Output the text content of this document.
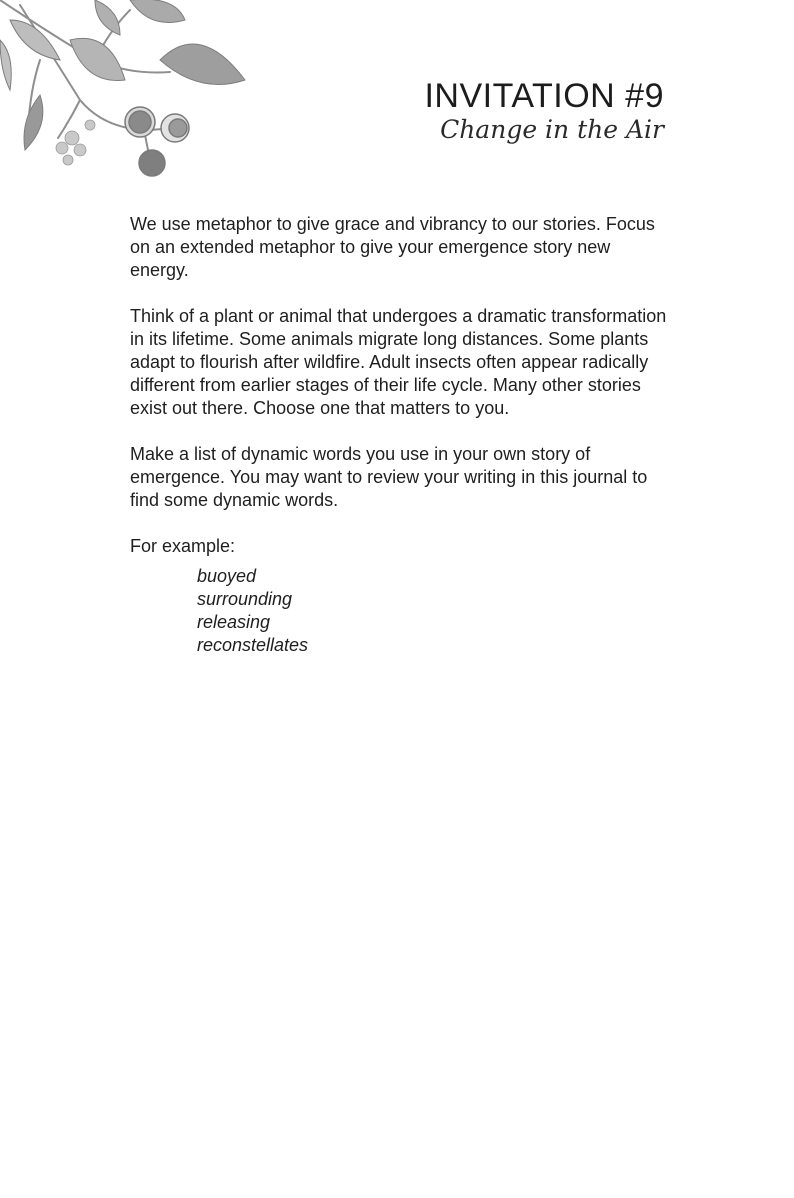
INVITATION #9
Change in the Air

We use metaphor to give grace and vibrancy to our stories. Focus on an extended metaphor to give your emergence story new energy.

Think of a plant or animal that undergoes a dramatic transformation in its lifetime. Some animals migrate long distances. Some plants adapt to flourish after wildfire. Adult insects often appear radically different from earlier stages of their life cycle. Many other stories exist out there. Choose one that matters to you.

Make a list of dynamic words you use in your own story of emergence. You may want to review your writing in this journal to find some dynamic words.

For example:

buoyed
surrounding
releasing
reconstellates
